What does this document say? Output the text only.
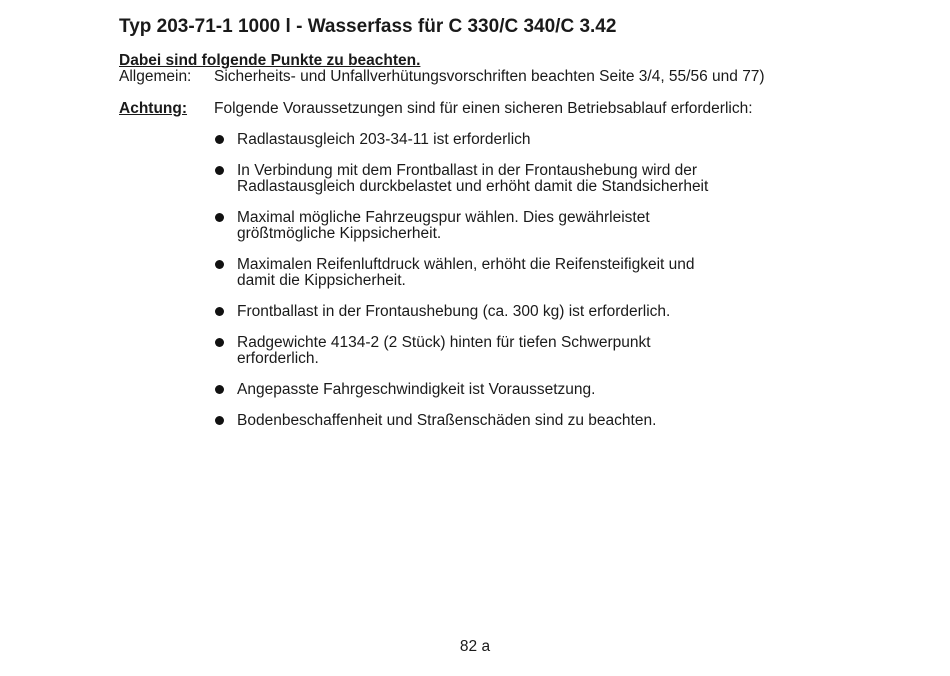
Typ 203-71-1 1000 l - Wasserfass für C 330/C 340/C 3.42
Dabei sind folgende Punkte zu beachten.
Allgemein: Sicherheits- und Unfallverhütungsvorschriften beachten Seite 3/4, 55/56 und 77)
Achtung: Folgende Voraussetzungen sind für einen sicheren Betriebsablauf erforderlich:
Radlastausgleich 203-34-11 ist erforderlich
In Verbindung mit dem Frontballast in der Frontaushebung wird der
Radlastausgleich durckbelastet und erhöht damit die Standsicherheit
Maximal mögliche Fahrzeugspur wählen. Dies gewährleistet
größtmögliche Kippsicherheit.
Maximalen Reifenluftdruck wählen, erhöht die Reifensteifigkeit und
damit die Kippsicherheit.
Frontballast in der Frontaushebung (ca. 300 kg) ist erforderlich.
Radgewichte 4134-2 (2 Stück) hinten für tiefen Schwerpunkt
erforderlich.
Angepasste Fahrgeschwindigkeit ist Voraussetzung.
Bodenbeschaffenheit und Straßenschäden sind zu beachten.
82 a
